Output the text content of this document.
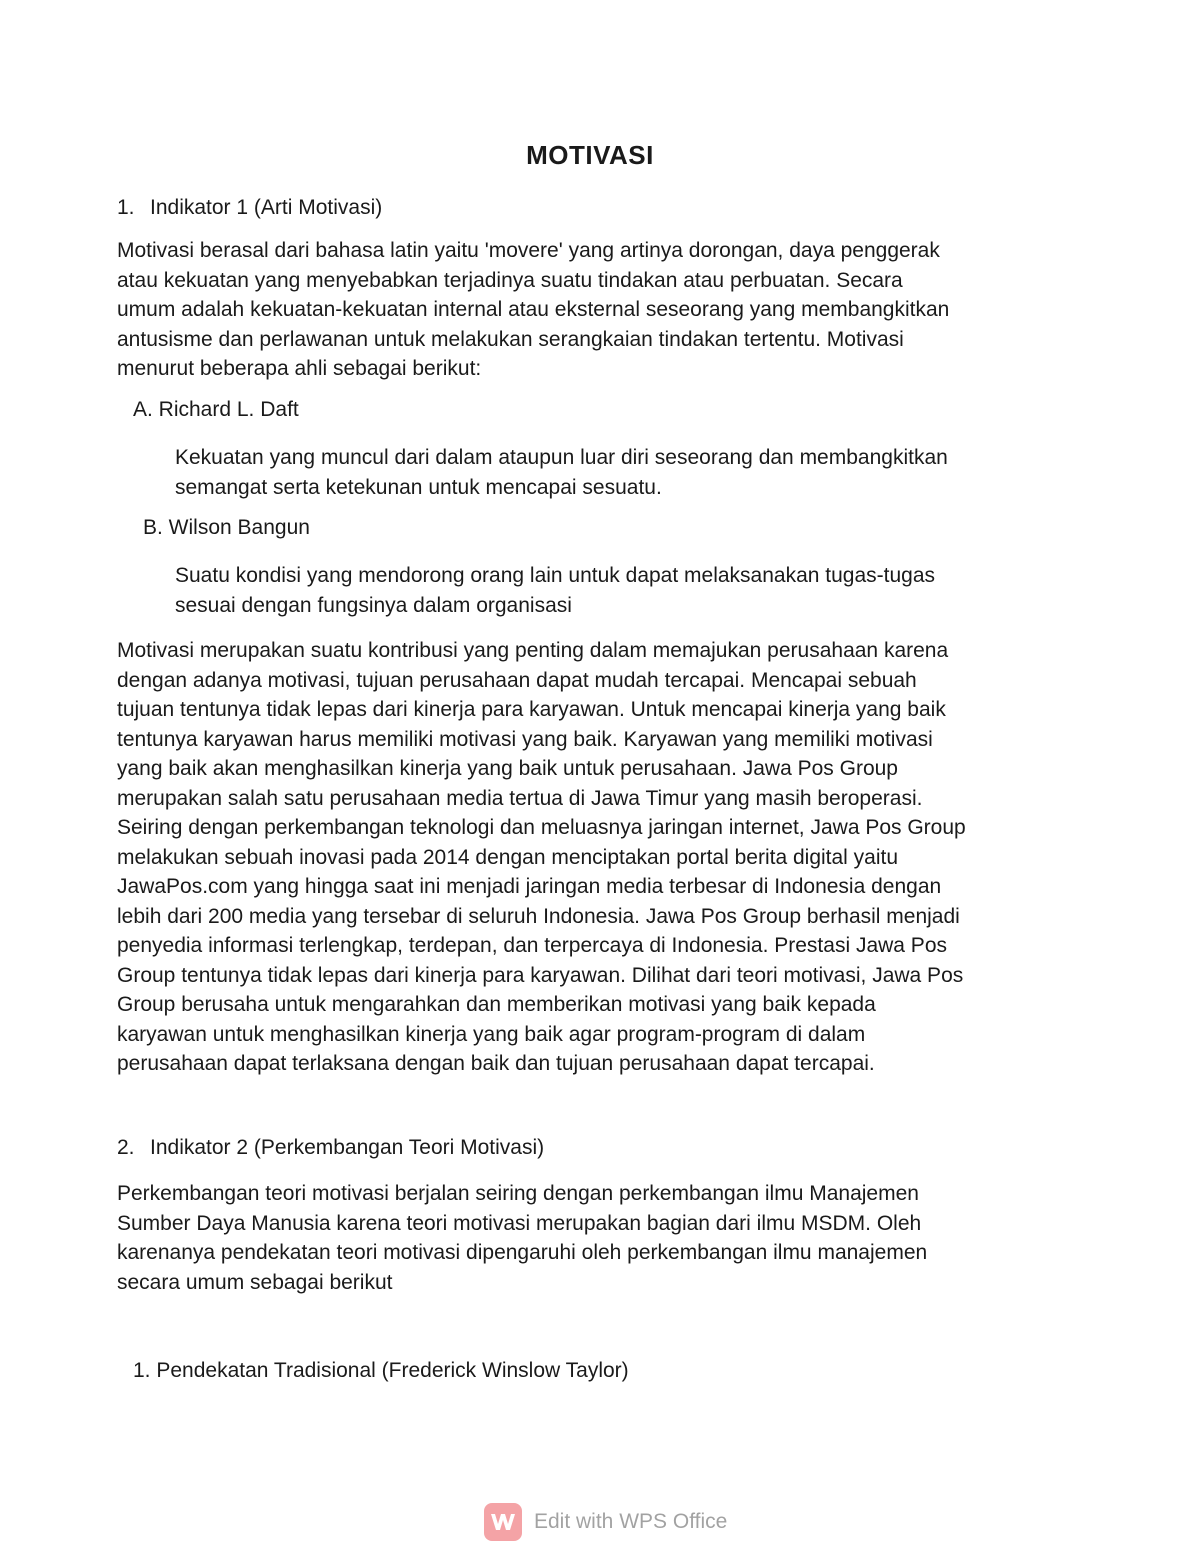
MOTIVASI

1. Indikator 1 (Arti Motivasi)

Motivasi berasal dari bahasa latin yaitu 'movere' yang artinya dorongan, daya penggerak
atau kekuatan yang menyebabkan terjadinya suatu tindakan atau perbuatan. Secara
umum adalah kekuatan-kekuatan internal atau eksternal seseorang yang membangkitkan
antusisme dan perlawanan untuk melakukan serangkaian tindakan tertentu. Motivasi
menurut beberapa ahli sebagai berikut:

A. Richard L. Daft

Kekuatan yang muncul dari dalam ataupun luar diri seseorang dan membangkitkan
semangat serta ketekunan untuk mencapai sesuatu.

B. Wilson Bangun

Suatu kondisi yang mendorong orang lain untuk dapat melaksanakan tugas-tugas
sesuai dengan fungsinya dalam organisasi
Motivasi merupakan suatu kontribusi yang penting dalam memajukan perusahaan karena
dengan adanya motivasi, tujuan perusahaan dapat mudah tercapai. Mencapai sebuah
tujuan tentunya tidak lepas dari kinerja para karyawan. Untuk mencapai kinerja yang baik
tentunya karyawan harus memiliki motivasi yang baik. Karyawan yang memiliki motivasi
yang baik akan menghasilkan kinerja yang baik untuk perusahaan. Jawa Pos Group
merupakan salah satu perusahaan media tertua di Jawa Timur yang masih beroperasi.
Seiring dengan perkembangan teknologi dan meluasnya jaringan internet, Jawa Pos Group
melakukan sebuah inovasi pada 2014 dengan menciptakan portal berita digital yaitu
JawaPos.com yang hingga saat ini menjadi jaringan media terbesar di Indonesia dengan
lebih dari 200 media yang tersebar di seluruh Indonesia. Jawa Pos Group berhasil menjadi
penyedia informasi terlengkap, terdepan, dan terpercaya di Indonesia. Prestasi Jawa Pos
Group tentunya tidak lepas dari kinerja para karyawan. Dilihat dari teori motivasi, Jawa Pos
Group berusaha untuk mengarahkan dan memberikan motivasi yang baik kepada
karyawan untuk menghasilkan kinerja yang baik agar program-program di dalam
perusahaan dapat terlaksana dengan baik dan tujuan perusahaan dapat tercapai.

2. Indikator 2 (Perkembangan Teori Motivasi)

Perkembangan teori motivasi berjalan seiring dengan perkembangan ilmu Manajemen
Sumber Daya Manusia karena teori motivasi merupakan bagian dari ilmu MSDM. Oleh
karenanya pendekatan teori motivasi dipengaruhi oleh perkembangan ilmu manajemen
secara umum sebagai berikut

1. Pendekatan Tradisional (Frederick Winslow Taylor)

Edit with WPS Office
